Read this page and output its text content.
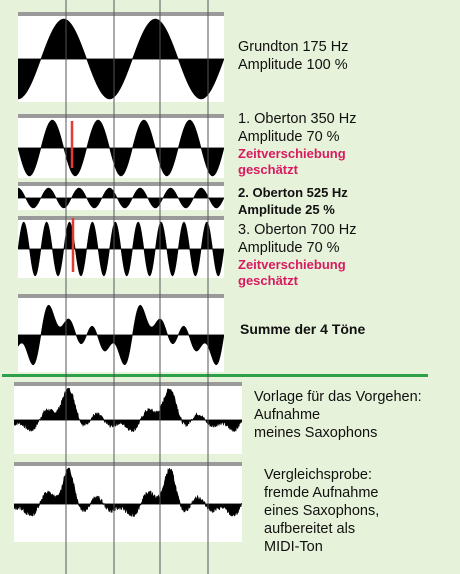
Grundton 175 Hz
Amplitude 100 %
1. Oberton 350 Hz
Amplitude 70 %
Zeitverschiebung
geschätzt
2. Oberton 525 Hz
Amplitude 25 %
3. Oberton 700 Hz
Amplitude 70 %
Zeitverschiebung
geschätzt
Summe der 4 Töne
Vorlage für das Vorgehen:
Aufnahme
meines Saxophons
Vergleichsprobe:
fremde Aufnahme
eines Saxophons,
aufbereitet als
MIDI-Ton
